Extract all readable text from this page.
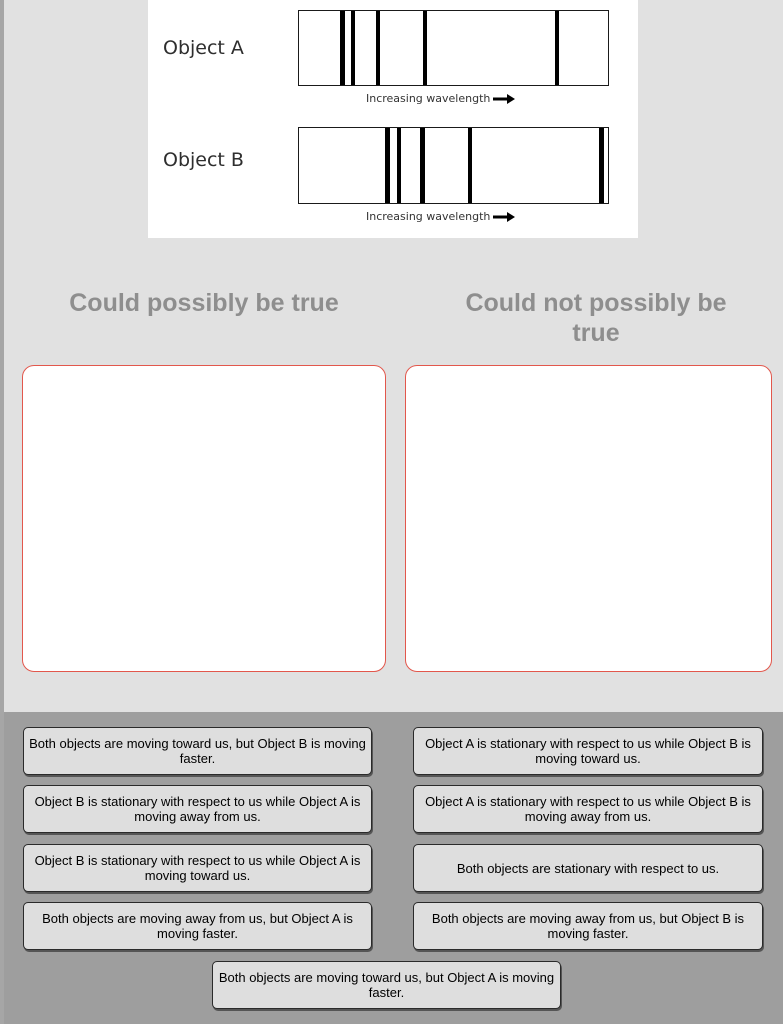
Object A
Increasing wavelength
Object B
Increasing wavelength
Could possibly be true	Could not possibly be true
Both objects are moving toward us, but Object B is moving faster.
Object A is stationary with respect to us while Object B is moving toward us.
Object B is stationary with respect to us while Object A is moving away from us.
Object A is stationary with respect to us while Object B is moving away from us.
Object B is stationary with respect to us while Object A is moving toward us.	Both objects are stationary with respect to us.
Both objects are moving away from us, but Object A is moving faster.
Both objects are moving away from us, but Object B is moving faster.
Both objects are moving toward us, but Object A is moving faster.
